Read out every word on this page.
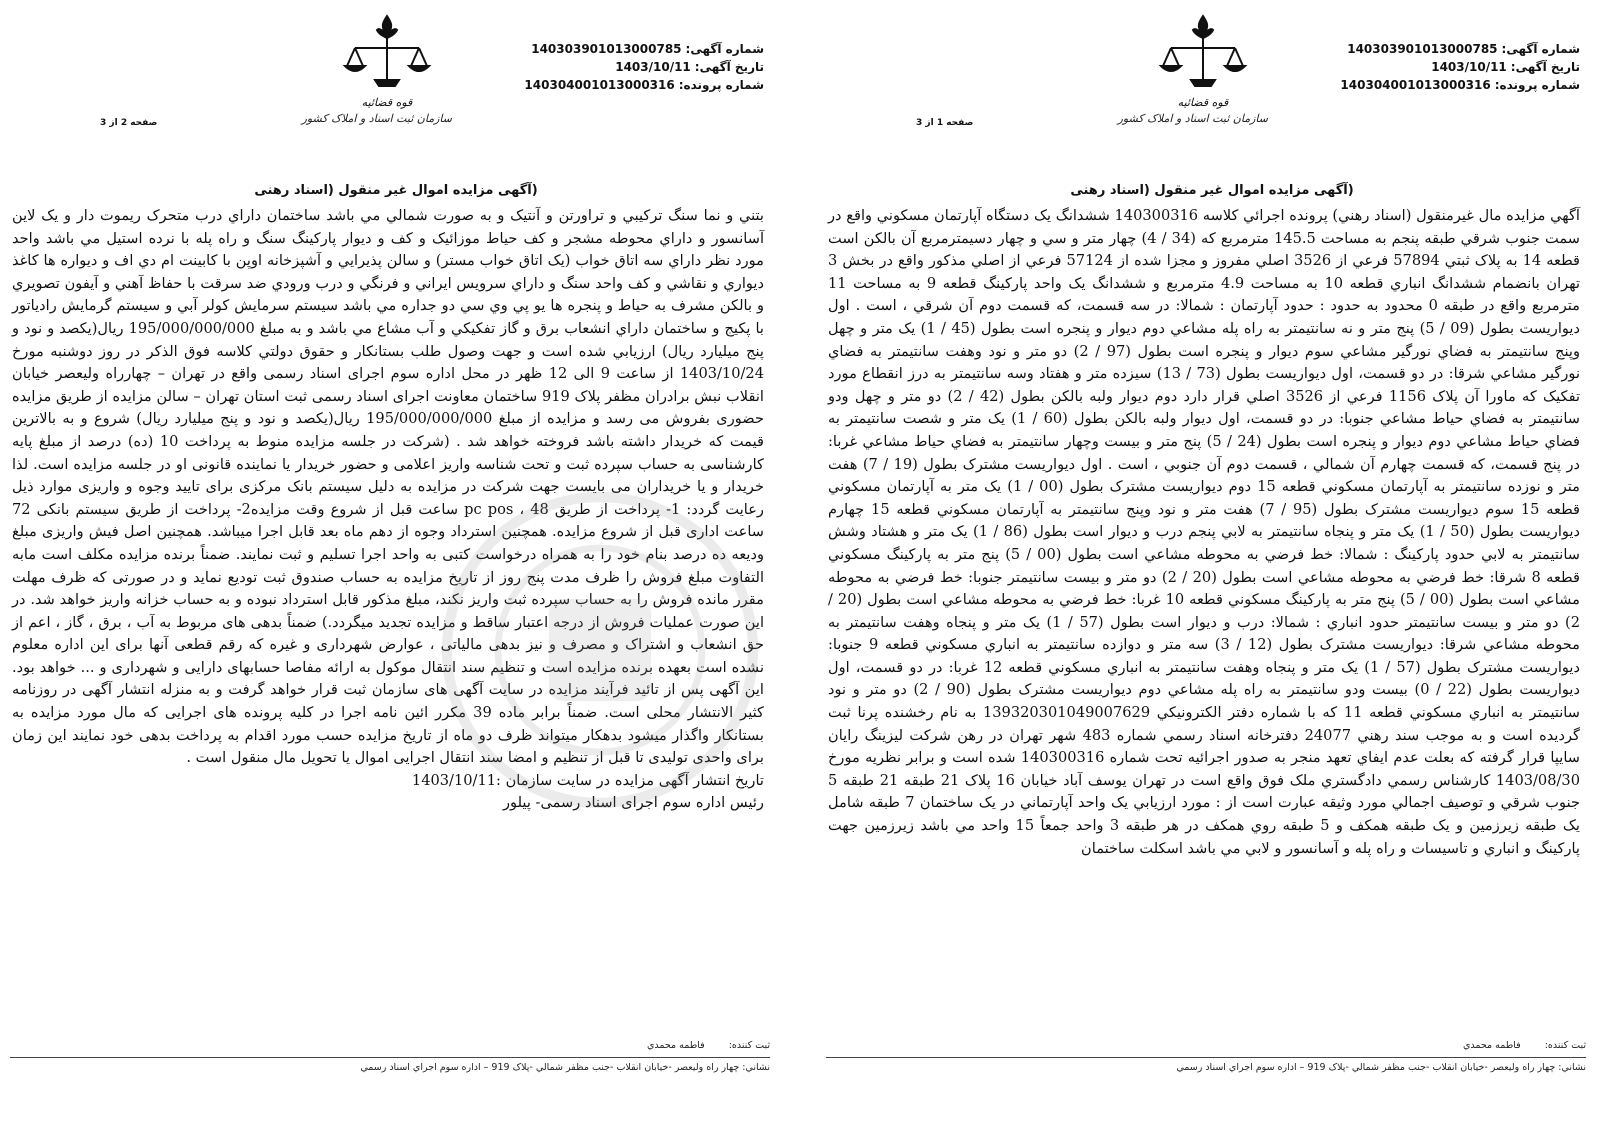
شماره آگهی:140303901013000785
تاریخ آگهی:1403/10/11
شماره پرونده:140304001013000316
قوه قضائیه
سازمان ثبت اسناد و املاک کشور
صفحه 2 از 3
(آگهی مزایده اموال غیر منقول (اسناد رهنی
بتني و نما سنگ تركيبي و تراورتن و آنتيک و به صورت شمالي مي باشد ساختمان داراي درب متحرک ريموت دار و يک لاين آسانسور و داراي محوطه مشجر و کف حياط موزائيک و کف و ديوار پارکينگ سنگ و راه پله با نرده استيل مي باشد واحد مورد نظر داراي سه اتاق خواب (يک اتاق خواب مستر) و سالن پذيرايي و آشپزخانه اوپن با کابينت ام دي اف و ديواره ها کاغذ ديواري و نقاشي و کف واحد سنگ و داراي سرويس ايراني و فرنگي و درب ورودي ضد سرقت با حفاظ آهني و آيفون تصويري و بالکن مشرف به حياط و پنجره ها يو پي وي سي دو جداره مي باشد سيستم سرمايش کولر آبي و سيستم گرمايش رادياتور با پکيج و ساختمان داراي انشعاب برق و گاز تفکيکي و آب مشاع مي باشد و به مبلغ 195/000/000/000 ريال(يکصد و نود و پنج ميليارد ريال) ارزيابي شده است و جهت وصول طلب بستانکار و حقوق دولتي کلاسه فوق الذكر در روز دوشنبه مورخ 1403/10/24 از ساعت 9 الی 12 ظهر در محل اداره سوم اجرای اسناد رسمی واقع در تهران – چهارراه وليعصر خيابان انقلاب نبش برادران مظفر پلاک 919 ساختمان معاونت اجرای اسناد رسمی ثبت استان تهران – سالن مزايده از طريق مزايده حضوری بفروش می رسد و مزايده از مبلغ 195/000/000/000 ريال(يکصد و نود و پنج ميليارد ريال) شروع و به بالاترين قيمت كه خريدار داشته باشد فروخته خواهد شد . (شركت در جلسه مزايده منوط به پرداخت 10 (ده) درصد از مبلغ پايه كارشناسی به حساب سپرده ثبت و تحت شناسه واريز اعلامی و حضور خريدار يا نماينده قانونی او در جلسه مزايده است. لذا خريدار و يا خريداران می بايست جهت شركت در مزايده به دليل سيستم بانک مركزی برای تاييد وجوه و واريزی موارد ذيل رعايت گردد: 1- پرداخت از طريق pc pos ، 48 ساعت قبل از شروع وقت مزايده2- پرداخت از طريق سيستم بانکی 72 ساعت اداری قبل از شروع مزايده. همچنين استرداد وجوه از دهم ماه بعد قابل اجرا ميباشد. همچنین اصل فیش واریزی مبلغ ودیعه ده درصد بنام خود را به همراه درخواست کتبی به واحد اجرا تسلیم و ثبت نمایند. ضمناً برنده مزايده مكلف است مابه التفاوت مبلغ فروش را ظرف مدت پنج روز از تاريخ مزايده به حساب صندوق ثبت توديع نمايد و در صورتی كه ظرف مهلت مقرر مانده فروش را به حساب سپرده ثبت واريز نكند، مبلغ مذكور قابل استرداد نبوده و به حساب خزانه واريز خواهد شد. در اين صورت عمليات فروش از درجه اعتبار ساقط و مزايده تجديد ميگردد.) ضمناً بدهی های مربوط به آب ، برق ، گاز ، اعم از حق انشعاب و اشتراک و مصرف و نيز بدهی مالياتی ، عوارض شهرداری و غيره كه رقم قطعی آنها برای اين اداره معلوم نشده است بعهده برنده مزايده است و تنظيم سند انتقال موكول به ارائه مفاصا حسابهای دارايی و شهرداری و ... خواهد بود. اين آگهی پس از تائيد فرآيند مزايده در سايت آگهی های سازمان ثبت قرار خواهد گرفت و به منزله انتشار آگهی در روزنامه كثير الانتشار محلی است. ضمناً برابر ماده 39 مكرر ائين نامه اجرا در كليه پرونده های اجرايی كه مال مورد مزايده به بستانكار واگذار ميشود بدهكار ميتواند ظرف دو ماه از تاريخ مزايده حسب مورد اقدام به پرداخت بدهی خود نمايند اين زمان برای واحدی توليدی تا قبل از تنظيم و امضا سند انتقال اجرايی اموال يا تحويل مال منقول است .
تاريخ انتشار آگهی مزايده در سايت سازمان :1403/10/11
رئيس اداره سوم اجرای اسناد رسمی- پيلور
ثبت کننده:
فاطمه محمدي
نشاني: چهار راه وليعصر -خيابان انقلاب -جنب مظفر شمالي -پلاک 919 – اداره سوم اجراي اسناد رسمي
شماره آگهی:140303901013000785
تاریخ آگهی:1403/10/11
شماره پرونده:140304001013000316
قوه قضائیه
سازمان ثبت اسناد و املاک کشور
صفحه 1 از 3
(آگهی مزایده اموال غیر منقول (اسناد رهنی
آگهي مزايده مال غيرمنقول (اسناد رهني) پرونده اجرائي كلاسه 140300316 ششدانگ يک دستگاه آپارتمان مسکوني واقع در سمت جنوب شرقي طبقه پنجم به مساحت 145.5 مترمربع که (34 / 4) چهار متر و سي و چهار دسيمترمربع آن بالکن است قطعه 14 به پلاک ثبتي 57894 فرعي از 3526 اصلي مفروز و مجزا شده از 57124 فرعي از اصلي مذکور واقع در بخش 3 تهران بانضمام ششدانگ انباري قطعه 10 به مساحت 4.9 مترمربع و ششدانگ يک واحد پارکينگ قطعه 9 به مساحت 11 مترمربع واقع در طبقه 0 محدود به حدود : حدود آپارتمان : شمالا: در سه قسمت، که قسمت دوم آن شرقي ، است . اول ديواريست بطول (09 / 5) پنج متر و نه سانتيمتر به راه پله مشاعي دوم ديوار و پنجره است بطول (45 / 1) يک متر و چهل وپنج سانتيمتر به فضاي نورگير مشاعي سوم ديوار و پنجره است بطول (97 / 2) دو متر و نود وهفت سانتيمتر به فضاي نورگير مشاعي شرقا: در دو قسمت، اول ديواريست بطول (73 / 13) سيزده متر و هفتاد وسه سانتيمتر به درز انقطاع مورد تفکيک که ماورا آن پلاک 1156 فرعي از 3526 اصلي قرار دارد دوم ديوار ولبه بالکن بطول (42 / 2) دو متر و چهل ودو سانتيمتر به فضاي حياط مشاعي جنوبا: در دو قسمت، اول ديوار ولبه بالکن بطول (60 / 1) يک متر و شصت سانتيمتر به فضاي حياط مشاعي دوم ديوار و پنجره است بطول (24 / 5) پنج متر و بيست وچهار سانتيمتر به فضاي حياط مشاعي غربا: در پنج قسمت، که قسمت چهارم آن شمالي ، قسمت دوم آن جنوبي ، است . اول ديواريست مشترک بطول (19 / 7) هفت متر و نوزده سانتيمتر به آپارتمان مسکوني قطعه 15 دوم ديواريست مشترک بطول (00 / 1) يک متر به آپارتمان مسکوني قطعه 15 سوم ديواريست مشترک بطول (95 / 7) هفت متر و نود وپنج سانتيمتر به آپارتمان مسکوني قطعه 15 چهارم ديواريست بطول (50 / 1) يک متر و پنجاه سانتيمتر به لابي پنجم درب و ديوار است بطول (86 / 1) يک متر و هشتاد وشش سانتيمتر به لابي حدود پارکينگ : شمالا: خط فرضي به محوطه مشاعي است بطول (00 / 5) پنج متر به پارکينگ مسکوني قطعه 8 شرقا: خط فرضي به محوطه مشاعي است بطول (20 / 2) دو متر و بيست سانتيمتر جنوبا: خط فرضي به محوطه مشاعي است بطول (00 / 5) پنج متر به پارکينگ مسکوني قطعه 10 غربا: خط فرضي به محوطه مشاعي است بطول (20 / 2) دو متر و بيست سانتيمتر حدود انباري : شمالا: درب و ديوار است بطول (57 / 1) يک متر و پنجاه وهفت سانتيمتر به محوطه مشاعي شرقا: ديواريست مشترک بطول (12 / 3) سه متر و دوازده سانتيمتر به انباري مسکوني قطعه 9 جنوبا: ديواريست مشترک بطول (57 / 1) يک متر و پنجاه وهفت سانتيمتر به انباري مسکوني قطعه 12 غربا: در دو قسمت، اول ديواريست بطول (22 / 0) بيست ودو سانتيمتر به راه پله مشاعي دوم ديواريست مشترک بطول (90 / 2) دو متر و نود سانتيمتر به انباري مسکوني قطعه 11 كه با شماره دفتر الكترونيكي 139320301049007629 به نام رخشنده پرنا ثبت گرديده است و به موجب سند رهني 24077 دفترخانه اسناد رسمي شماره 483 شهر تهران در رهن شركت ليزينگ رايان سايپا قرار گرفته كه بعلت عدم ايفاي تعهد منجر به صدور اجرائيه تحت شماره 140300316 شده است و برابر نظريه مورخ 1403/08/30 كارشناس رسمي دادگستري ملک فوق واقع است در تهران يوسف آباد خيابان 16 پلاک 21 طبقه 21 طبقه 5 جنوب شرقي و توصيف اجمالي مورد وثيقه عبارت است از : مورد ارزيابي يک واحد آپارتماني در يک ساختمان 7 طبقه شامل يک طبقه زيرزمين و يک طبقه همکف و 5 طبقه روي همکف در هر طبقه 3 واحد جمعاً 15 واحد مي باشد زيرزمين جهت پارکينگ و انباري و تاسيسات و راه پله و آسانسور و لابي مي باشد اسکلت ساختمان
ثبت کننده:
فاطمه محمدي
نشاني: چهار راه وليعصر -خيابان انقلاب -جنب مظفر شمالي -پلاک 919 – اداره سوم اجراي اسناد رسمي
